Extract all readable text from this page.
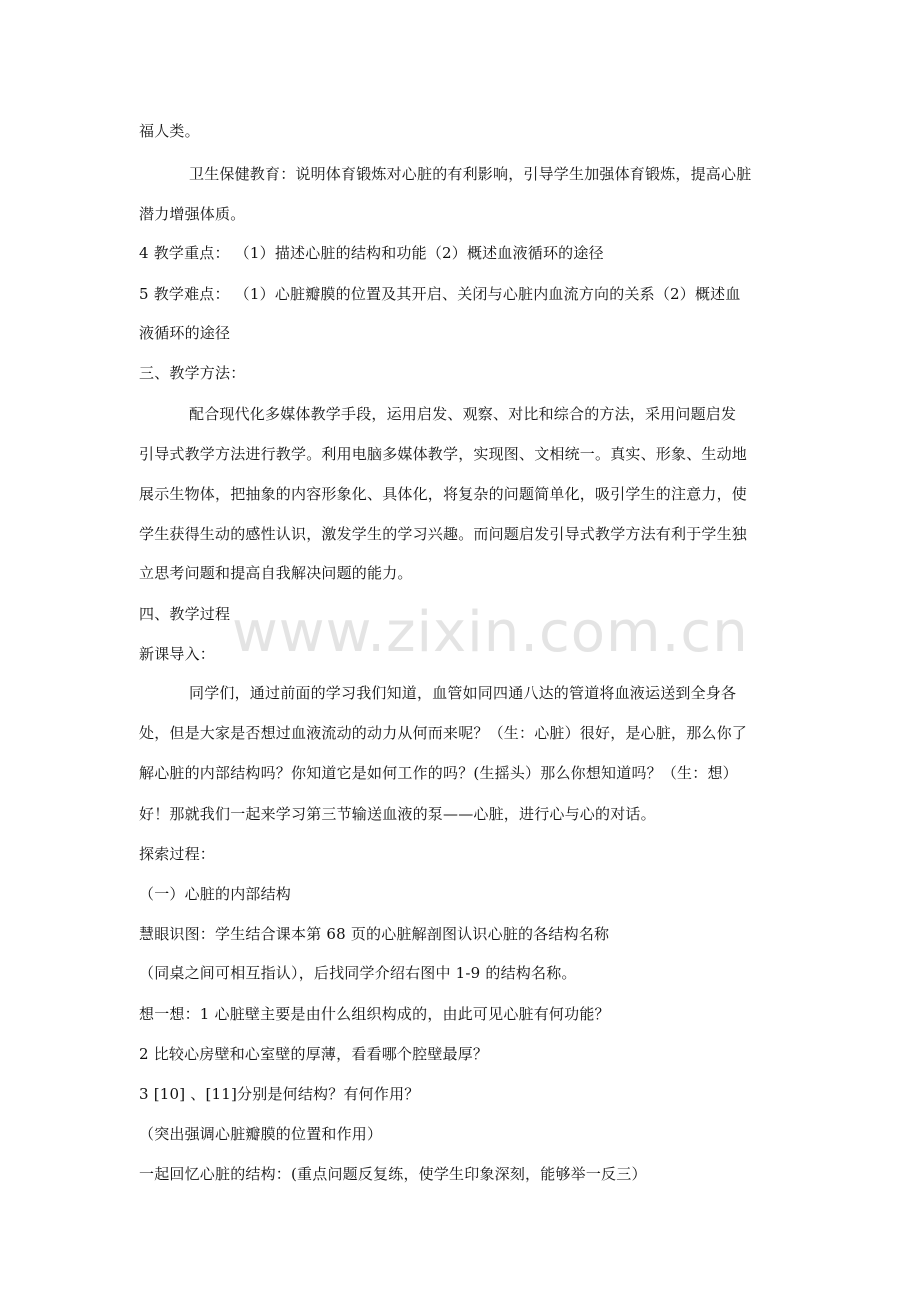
www.zixin.com.cn
福人类。
卫生保健教育：说明体育锻炼对心脏的有利影响，引导学生加强体育锻炼，提高心脏
潜力增强体质。
4 教学重点： （1）描述心脏的结构和功能（2）概述血液循环的途径
5 教学难点： （1）心脏瓣膜的位置及其开启、关闭与心脏内血流方向的关系（2）概述血
液循环的途径
三、教学方法：
配合现代化多媒体教学手段，运用启发、观察、对比和综合的方法，采用问题启发
引导式教学方法进行教学。利用电脑多媒体教学，实现图、文相统一。真实、形象、生动地
展示生物体，把抽象的内容形象化、具体化，将复杂的问题简单化，吸引学生的注意力，使
学生获得生动的感性认识，激发学生的学习兴趣。而问题启发引导式教学方法有利于学生独
立思考问题和提高自我解决问题的能力。
四、教学过程
新课导入：
同学们，通过前面的学习我们知道，血管如同四通八达的管道将血液运送到全身各
处，但是大家是否想过血液流动的动力从何而来呢？（生：心脏）很好，是心脏，那么你了
解心脏的内部结构吗？你知道它是如何工作的吗？(生摇头）那么你想知道吗？（生：想）
好！那就我们一起来学习第三节输送血液的泵——心脏，进行心与心的对话。
探索过程：
（一）心脏的内部结构
慧眼识图：学生结合课本第 68 页的心脏解剖图认识心脏的各结构名称
（同桌之间可相互指认），后找同学介绍右图中 1-9 的结构名称。
想一想：1 心脏壁主要是由什么组织构成的，由此可见心脏有何功能？
2 比较心房壁和心室壁的厚薄，看看哪个腔壁最厚？
3 [10] 、[11]分别是何结构？有何作用？
（突出强调心脏瓣膜的位置和作用）
一起回忆心脏的结构：(重点问题反复练，使学生印象深刻，能够举一反三）
